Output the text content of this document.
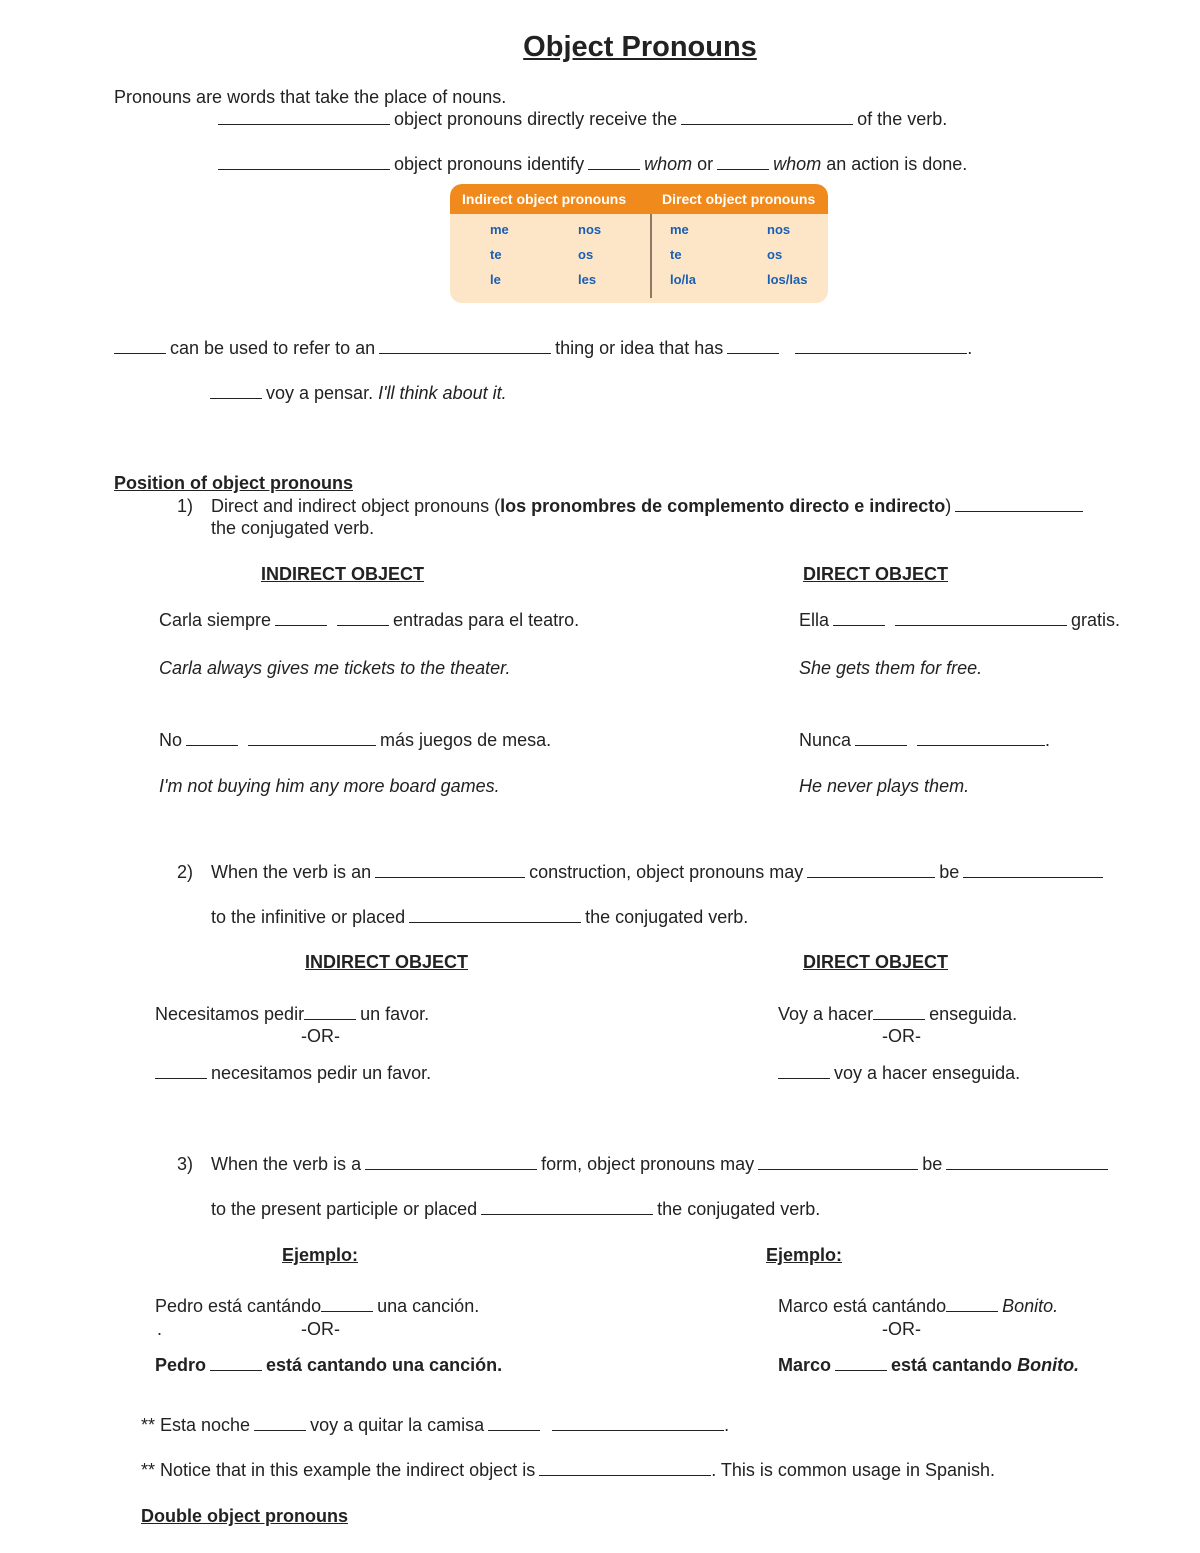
Object Pronouns
Pronouns are words that take the place of nouns.
object pronouns directly receive the	of the verb.
object pronouns identify	whom or	whom an action is done.
Indirect object pronouns	Direct object pronouns
me	nos
te	os
le	les
me	nos
te	os
lo/la	los/las
can be used to refer to an	thing or idea that has	.
voy a pensar. I'll think about it.
Position of object pronouns
1) Direct and indirect object pronouns (los pronombres de complemento directo e indirecto)
the conjugated verb.
INDIRECT OBJECT	DIRECT OBJECT
Carla siempre	entradas para el teatro.
Carla always gives me tickets to the theater.
Ella	gratis.
She gets them for free.
No	más juegos de mesa.
I'm not buying him any more board games.
Nunca	.
He never plays them.
2) When the verb is an	construction, object pronouns may	be
to the infinitive or placed	the conjugated verb.
INDIRECT OBJECT	DIRECT OBJECT
Necesitamos pedir	un favor.
-OR-
necesitamos pedir un favor.
Voy a hacer	enseguida.
-OR-
voy a hacer enseguida.
3) When the verb is a	form, object pronouns may	be
to the present participle or placed	the conjugated verb.
Ejemplo:	Ejemplo:
Pedro está cantándo	una canción.
.	-OR-
Pedro	está cantando una canción.
Marco está cantándo	Bonito.
-OR-
Marco	está cantando Bonito.
** Esta noche	voy a quitar la camisa	.
** Notice that in this example the indirect object is	. This is common usage in Spanish.
Double object pronouns
